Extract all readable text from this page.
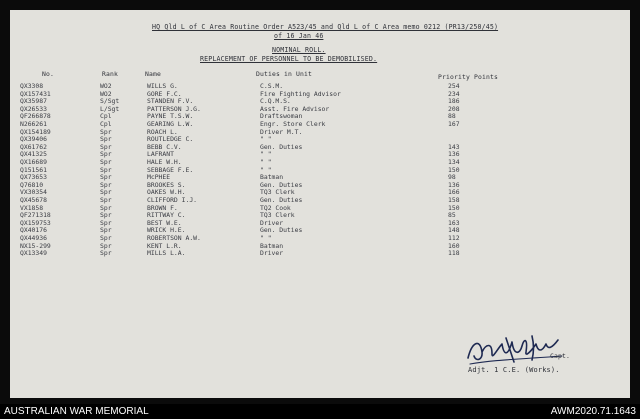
HQ Qld L of C Area Routine Order A523/45 and Qld L of C Area memo 0212 (PR13/250/45)
of 16 Jan 46
NOMINAL ROLL.
REPLACEMENT OF PERSONNEL TO BE DEMOBILISED.
No.	Rank	Name	Duties in Unit	Priority Points
QX3308	WO2	WILLS G.	C.S.M.	254
QX157431	WO2	GORE F.C.	Fire Fighting Advisor	234
QX35987	S/Sgt	STANDEN F.V.	C.Q.M.S.	186
QX26533	L/Sgt	PATTERSON J.G.	Asst. Fire Advisor	208
QF266878	Cpl	PAYNE T.S.W.	Draftswoman	88
N266261	Cpl	GEARING L.W.	Engr. Store Clerk	167
QX154189	Spr	ROACH L.	Driver M.T.
QX39406	Spr	ROUTLEDGE C.	" "
QX61762	Spr	BEBB C.V.	Gen. Duties	143
QX41325	Spr	LAFRANT	" "	136
QX16689	Spr	HALE W.H.	" "	134
Q151561	Spr	SEBBAGE F.E.	" "	150
QX73653	Spr	McPHEE	Batman	98
Q76810	Spr	BROOKES S.	Gen. Duties	136
VX30354	Spr	OAKES W.H.	TQ3 Clerk	166
QX45678	Spr	CLIFFORD I.J.	Gen. Duties	158
VX1858	Spr	BROWN F.	TQ2 Cook	150
QF271318	Spr	RITTWAY C.	TQ3 Clerk	85
QX159753	Spr	BEST W.E.	Driver	163
QX40176	Spr	WRICK H.E.	Gen. Duties	148
QX44936	Spr	ROBERTSON A.W.	" "	112
NX15-299	Spr	KENT L.R.	Batman	160
QX13349	Spr	MILLS L.A.	Driver	118
Capt.
Adjt. 1 C.E. (Works).
AUSTRALIAN WAR MEMORIAL	AWM2020.71.1643
